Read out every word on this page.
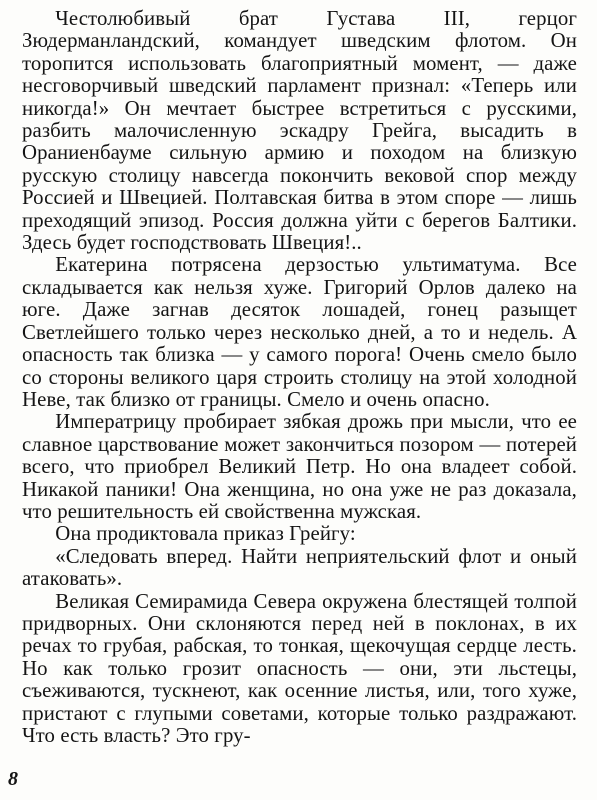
Честолюбивый брат Густава III, герцог Зюдерманландский, командует шведским флотом. Он торопится использовать благоприятный момент, — даже несговорчивый шведский парламент признал: «Теперь или никогда!» Он мечтает быстрее встретиться с русскими, разбить малочисленную эскадру Грейга, высадить в Ораниенбауме сильную армию и походом на близкую русскую столицу навсегда покончить вековой спор между Россией и Швецией. Полтавская битва в этом споре — лишь преходящий эпизод. Россия должна уйти с берегов Балтики. Здесь будет господствовать Швеция!..

Екатерина потрясена дерзостью ультиматума. Все складывается как нельзя хуже. Григорий Орлов далеко на юге. Даже загнав десяток лошадей, гонец разыщет Светлейшего только через несколько дней, а то и недель. А опасность так близка — у самого порога! Очень смело было со стороны великого царя строить столицу на этой холодной Неве, так близко от границы. Смело и очень опасно.

Императрицу пробирает зябкая дрожь при мысли, что ее славное царствование может закончиться позором — потерей всего, что приобрел Великий Петр. Но она владеет собой. Никакой паники! Она женщина, но она уже не раз доказала, что решительность ей свойственна мужская.

Она продиктовала приказ Грейгу:

«Следовать вперед. Найти неприятельский флот и оный атаковать».

Великая Семирамида Севера окружена блестящей толпой придворных. Они склоняются перед ней в поклонах, в их речах то грубая, рабская, то тонкая, щекочущая сердце лесть. Но как только грозит опасность — они, эти льстецы, съеживаются, тускнеют, как осенние листья, или, того хуже, пристают с глупыми советами, которые только раздражают. Что есть власть? Это гру-

8
